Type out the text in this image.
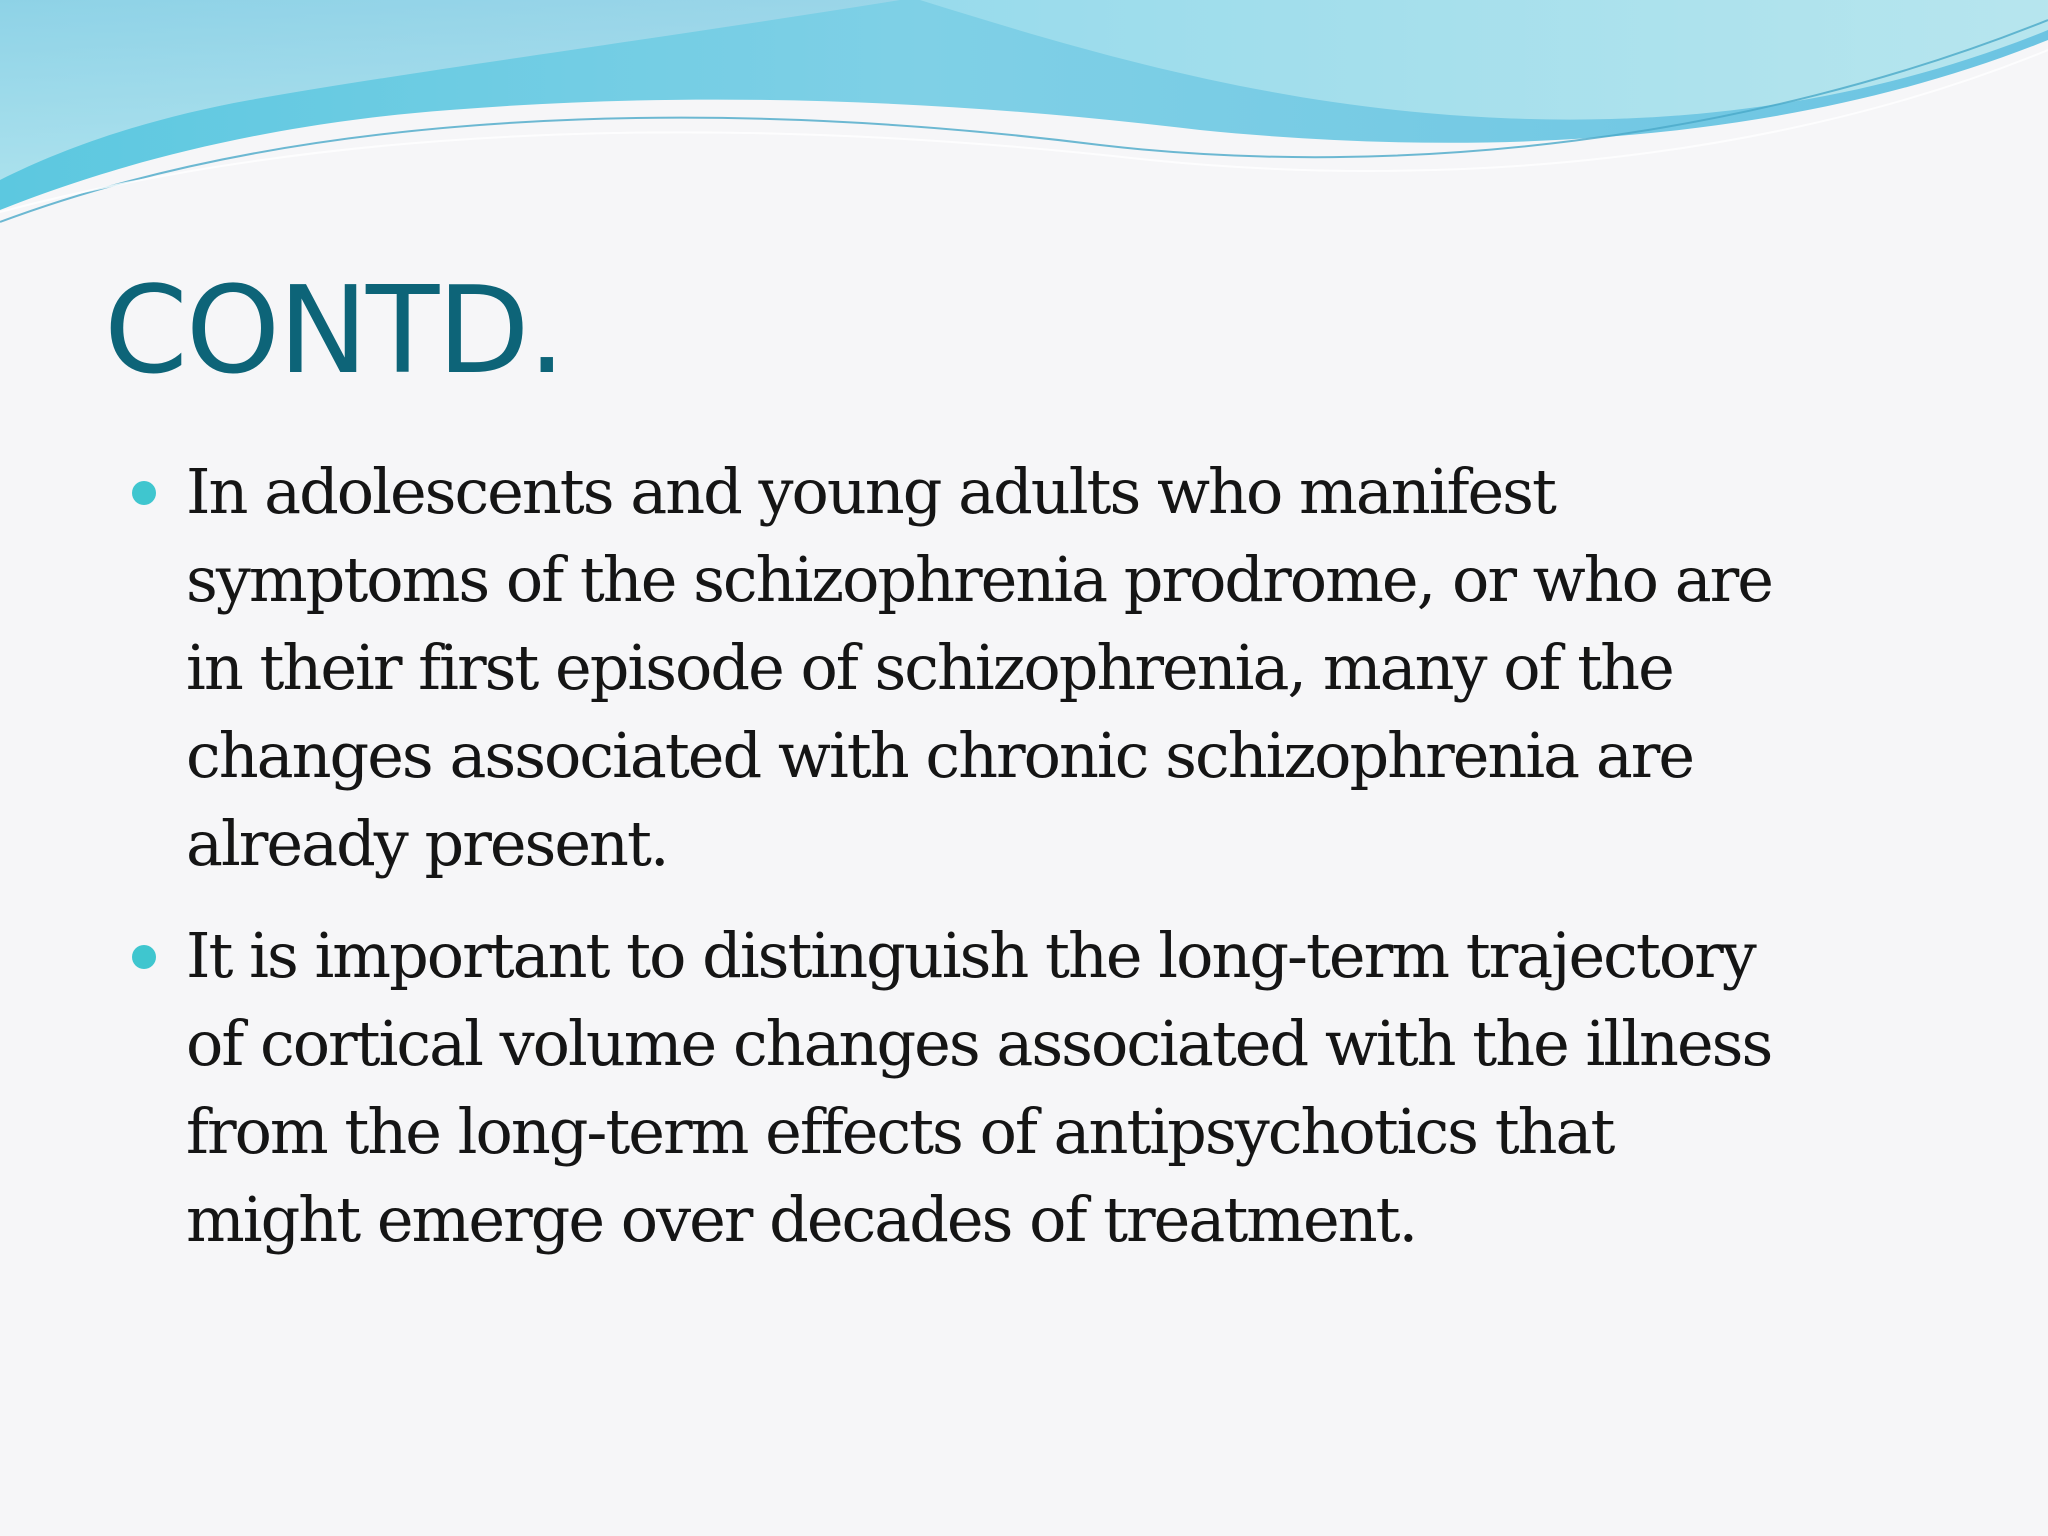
CONTD.
In adolescents and young adults who manifest
symptoms of the schizophrenia prodrome, or who are
in their first episode of schizophrenia, many of the
changes associated with chronic schizophrenia are
already present.
It is important to distinguish the long-term trajectory
of cortical volume changes associated with the illness
from the long-term effects of antipsychotics that
might emerge over decades of treatment.
